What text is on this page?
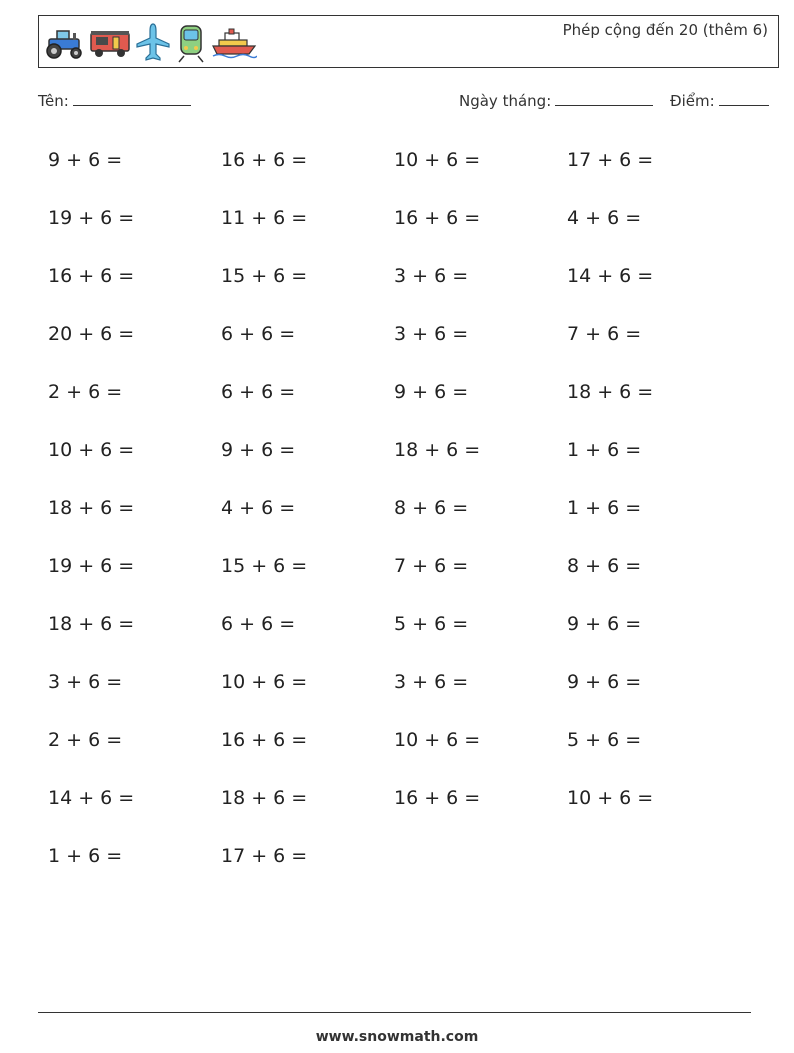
Phép cộng đến 20 (thêm 6)
Tên:	Ngày tháng:	Điểm:
9 + 6 =	16 + 6 =	10 + 6 =	17 + 6 =
19 + 6 =	11 + 6 =	16 + 6 =	4 + 6 =
16 + 6 =	15 + 6 =	3 + 6 =	14 + 6 =
20 + 6 =	6 + 6 =	3 + 6 =	7 + 6 =
2 + 6 =	6 + 6 =	9 + 6 =	18 + 6 =
10 + 6 =	9 + 6 =	18 + 6 =	1 + 6 =
18 + 6 =	4 + 6 =	8 + 6 =	1 + 6 =
19 + 6 =	15 + 6 =	7 + 6 =	8 + 6 =
18 + 6 =	6 + 6 =	5 + 6 =	9 + 6 =
3 + 6 =	10 + 6 =	3 + 6 =	9 + 6 =
2 + 6 =	16 + 6 =	10 + 6 =	5 + 6 =
14 + 6 =	18 + 6 =	16 + 6 =	10 + 6 =
1 + 6 =	17 + 6 =
www.snowmath.com
